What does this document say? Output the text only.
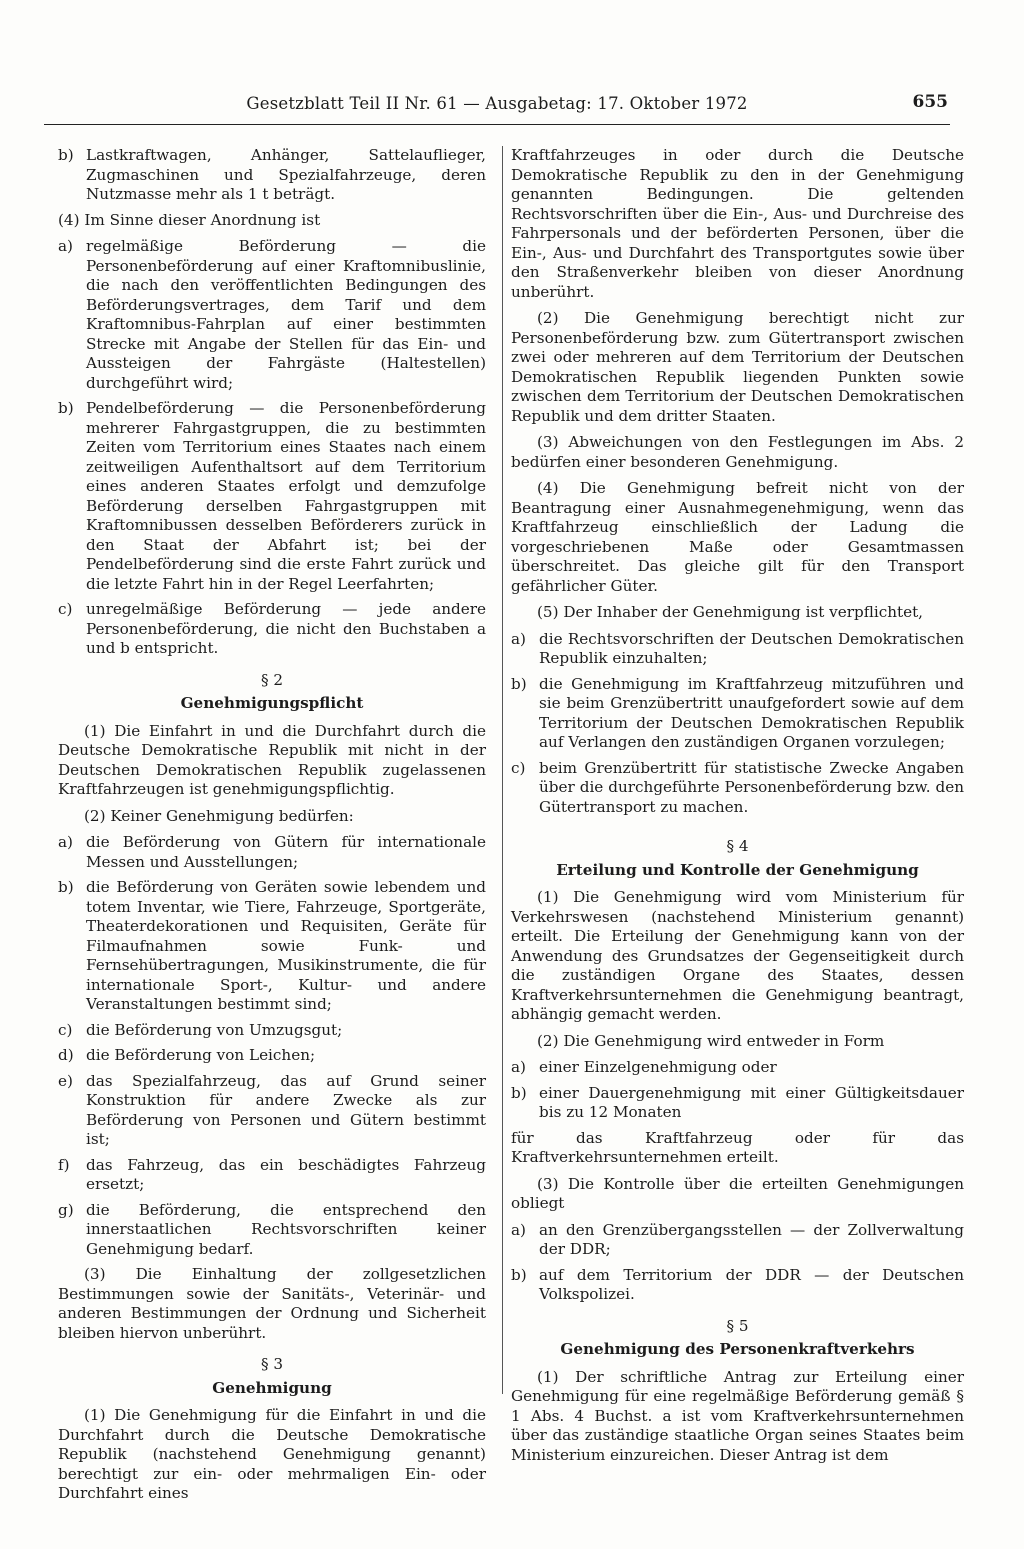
Gesetzblatt Teil II Nr. 61 — Ausgabetag: 17. Oktober 1972	655
b) Lastkraftwagen, Anhänger, Sattelauflieger, Zugmaschinen und Spezialfahrzeuge, deren Nutzmasse mehr als 1 t beträgt.

(4) Im Sinne dieser Anordnung ist

a) regelmäßige Beförderung — die Personenbeförderung auf einer Kraftomnibuslinie, die nach den veröffentlichten Bedingungen des Beförderungsvertrages, dem Tarif und dem Kraftomnibus-Fahrplan auf einer bestimmten Strecke mit Angabe der Stellen für das Ein- und Aussteigen der Fahrgäste (Haltestellen) durchgeführt wird;
b) Pendelbeförderung — die Personenbeförderung mehrerer Fahrgastgruppen, die zu bestimmten Zeiten vom Territorium eines Staates nach einem zeitweiligen Aufenthaltsort auf dem Territorium eines anderen Staates erfolgt und demzufolge Beförderung derselben Fahrgastgruppen mit Kraftomnibussen desselben Beförderers zurück in den Staat der Abfahrt ist; bei der Pendelbeförderung sind die erste Fahrt zurück und die letzte Fahrt hin in der Regel Leerfahrten;
c) unregelmäßige Beförderung — jede andere Personenbeförderung, die nicht den Buchstaben a und b entspricht.
§ 2
Genehmigungspflicht

(1) Die Einfahrt in und die Durchfahrt durch die Deutsche Demokratische Republik mit nicht in der Deutschen Demokratischen Republik zugelassenen Kraftfahrzeugen ist genehmigungspflichtig.

(2) Keiner Genehmigung bedürfen:

a) die Beförderung von Gütern für internationale Messen und Ausstellungen;
b) die Beförderung von Geräten sowie lebendem und totem Inventar, wie Tiere, Fahrzeuge, Sportgeräte, Theaterdekorationen und Requisiten, Geräte für Filmaufnahmen sowie Funk- und Fernsehübertragungen, Musikinstrumente, die für internationale Sport-, Kultur- und andere Veranstaltungen bestimmt sind;
c) die Beförderung von Umzugsgut;
d) die Beförderung von Leichen;
e) das Spezialfahrzeug, das auf Grund seiner Konstruktion für andere Zwecke als zur Beförderung von Personen und Gütern bestimmt ist;
f) das Fahrzeug, das ein beschädigtes Fahrzeug ersetzt;
g) die Beförderung, die entsprechend den innerstaatlichen Rechtsvorschriften keiner Genehmigung bedarf.

(3) Die Einhaltung der zollgesetzlichen Bestimmungen sowie der Sanitäts-, Veterinär- und anderen Bestimmungen der Ordnung und Sicherheit bleiben hiervon unberührt.

§ 3
Genehmigung

(1) Die Genehmigung für die Einfahrt in und die Durchfahrt durch die Deutsche Demokratische Republik (nachstehend Genehmigung genannt) berechtigt zur ein- oder mehrmaligen Ein- oder Durchfahrt eines

Kraftfahrzeuges in oder durch die Deutsche Demokratische Republik zu den in der Genehmigung genannten Bedingungen. Die geltenden Rechtsvorschriften über die Ein-, Aus- und Durchreise des Fahrpersonals und der beförderten Personen, über die Ein-, Aus- und Durchfahrt des Transportgutes sowie über den Straßenverkehr bleiben von dieser Anordnung unberührt.

(2) Die Genehmigung berechtigt nicht zur Personenbeförderung bzw. zum Gütertransport zwischen zwei oder mehreren auf dem Territorium der Deutschen Demokratischen Republik liegenden Punkten sowie zwischen dem Territorium der Deutschen Demokratischen Republik und dem dritter Staaten.

(3) Abweichungen von den Festlegungen im Abs. 2 bedürfen einer besonderen Genehmigung.

(4) Die Genehmigung befreit nicht von der Beantragung einer Ausnahmegenehmigung, wenn das Kraftfahrzeug einschließlich der Ladung die vorgeschriebenen Maße oder Gesamtmassen überschreitet. Das gleiche gilt für den Transport gefährlicher Güter.

(5) Der Inhaber der Genehmigung ist verpflichtet,

a) die Rechtsvorschriften der Deutschen Demokratischen Republik einzuhalten;
b) die Genehmigung im Kraftfahrzeug mitzuführen und sie beim Grenzübertritt unaufgefordert sowie auf dem Territorium der Deutschen Demokratischen Republik auf Verlangen den zuständigen Organen vorzulegen;
c) beim Grenzübertritt für statistische Zwecke Angaben über die durchgeführte Personenbeförderung bzw. den Gütertransport zu machen.
§ 4
Erteilung und Kontrolle der Genehmigung

(1) Die Genehmigung wird vom Ministerium für Verkehrswesen (nachstehend Ministerium genannt) erteilt. Die Erteilung der Genehmigung kann von der Anwendung des Grundsatzes der Gegenseitigkeit durch die zuständigen Organe des Staates, dessen Kraftverkehrsunternehmen die Genehmigung beantragt, abhängig gemacht werden.

(2) Die Genehmigung wird entweder in Form

a) einer Einzelgenehmigung oder
b) einer Dauergenehmigung mit einer Gültigkeitsdauer bis zu 12 Monaten

für das Kraftfahrzeug oder für das Kraftverkehrsunternehmen erteilt.

(3) Die Kontrolle über die erteilten Genehmigungen obliegt

a) an den Grenzübergangsstellen — der Zollverwaltung der DDR;
b) auf dem Territorium der DDR — der Deutschen Volkspolizei.
§ 5
Genehmigung des Personenkraftverkehrs

(1) Der schriftliche Antrag zur Erteilung einer Genehmigung für eine regelmäßige Beförderung gemäß § 1 Abs. 4 Buchst. a ist vom Kraftverkehrsunternehmen über das zuständige staatliche Organ seines Staates beim Ministerium einzureichen. Dieser Antrag ist dem
